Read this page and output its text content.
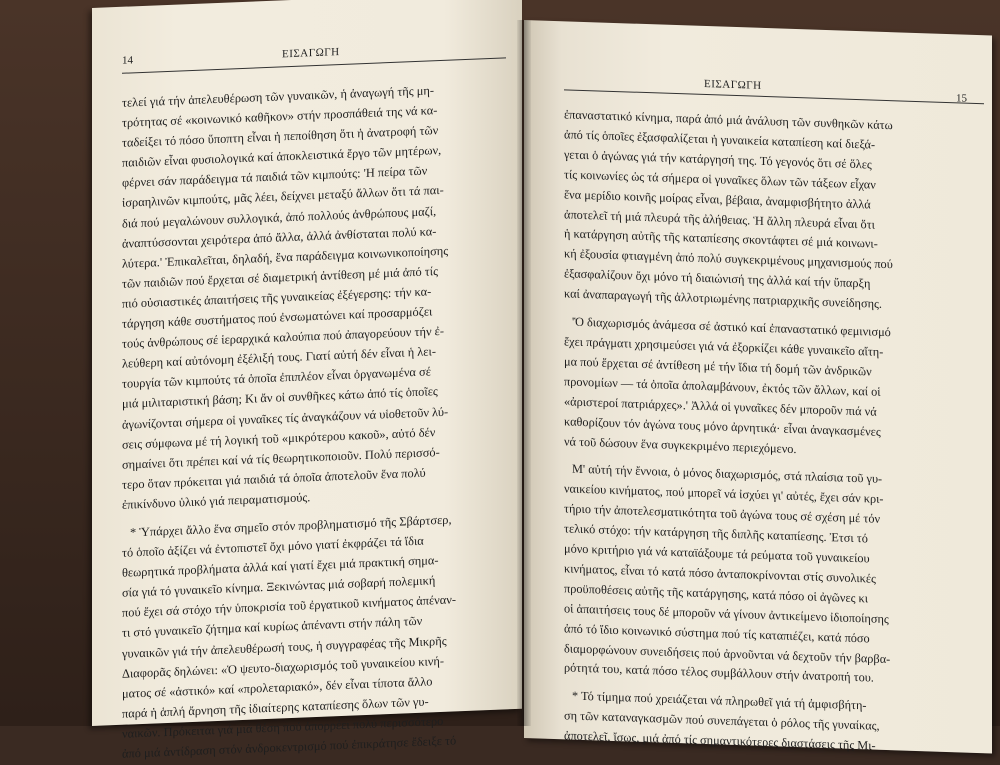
14
ΕΙΣΑΓΩΓΗ
τελεί γιά τήν ἀπελευθέρωση τῶν γυναικῶν, ἡ ἀναγωγή τῆς μη-
τρότητας σέ «κοινωνικό καθῆκον» στήν προσπάθειά της νά κα-
ταδείξει τό πόσο ὕποπτη εἶναι ἡ πεποίθηση ὅτι ἡ ἀνατροφή τῶν
παιδιῶν εἶναι φυσιολογικά καί ἀποκλειστικά ἔργο τῶν μητέρων,
φέρνει σάν παράδειγμα τά παιδιά τῶν κιμπούτς: 'Η πείρα τῶν
ἰσραηλινῶν κιμπούτς, μᾶς λέει, δείχνει μεταξύ ἄλλων ὅτι τά παι-
διά πού μεγαλώνουν συλλογικά, ἀπό πολλούς ἀνθρώπους μαζί,
ἀναπτύσσονται χειρότερα ἀπό ἄλλα, ἀλλά ἀνθίσταται πολύ κα-
λύτερα.' Ἐπικαλεῖται, δηλαδή, ἕνα παράδειγμα κοινωνικοποίησης
τῶν παιδιῶν πού ἔρχεται σέ διαμετρική ἀντίθεση μέ μιά ἀπό τίς
πιό οὐσιαστικές ἀπαιτήσεις τῆς γυναικείας ἐξέγερσης: τήν κα-
τάργηση κάθε συστήματος πού ἐνσωματώνει καί προσαρμόζει
τούς ἀνθρώπους σέ ἱεραρχικά καλούπια πού ἀπαγορεύουν τήν ἐ-
λεύθερη καί αὐτόνομη ἐξέλιξή τους. Γιατί αὐτή δέν εἶναι ἡ λει-
τουργία τῶν κιμπούτς τά ὁποῖα ἐπιπλέον εἶναι ὀργανωμένα σέ
μιά μιλιταριστική βάση; Κι ἄν οἱ συνθῆκες κάτω ἀπό τίς ὁποῖες
ἀγωνίζονται σήμερα οἱ γυναῖκες τίς ἀναγκάζουν νά υἱοθετοῦν λύ-
σεις σύμφωνα μέ τή λογική τοῦ «μικρότερου κακοῦ», αὐτό δέν
σημαίνει ὅτι πρέπει καί νά τίς θεωρητικοποιοῦν. Πολύ περισσό-
τερο ὅταν πρόκειται γιά παιδιά τά ὁποῖα ἀποτελοῦν ἕνα πολύ
ἐπικίνδυνο ὑλικό γιά πειραματισμούς.
* Ὑπάρχει ἄλλο ἕνα σημεῖο στόν προβληματισμό τῆς Σβάρτσερ,
τό ὁποῖο ἀξίζει νά ἐντοπιστεῖ ὄχι μόνο γιατί ἐκφράζει τά ἴδια
θεωρητικά προβλήματα ἀλλά καί γιατί ἔχει μιά πρακτική σημα-
σία γιά τό γυναικεῖο κίνημα. Ξεκινώντας μιά σοβαρή πολεμική
πού ἔχει σά στόχο τήν ὑποκρισία τοῦ ἐργατικοῦ κινήματος ἀπέναν-
τι στό γυναικεῖο ζήτημα καί κυρίως ἀπέναντι στήν πάλη τῶν
γυναικῶν γιά τήν ἀπελευθέρωσή τους, ἡ συγγραφέας τῆς Μικρῆς
Διαφορᾶς δηλώνει: «Ὁ ψευτο-διαχωρισμός τοῦ γυναικείου κινή-
ματος σέ «ἀστικό» καί «προλεταριακό», δέν εἶναι τίποτα ἄλλο
παρά ἡ ἁπλή ἄρνηση τῆς ἰδιαίτερης καταπίεσης ὅλων τῶν γυ-
ναικῶν. Πρόκειται γιά μιά θέση πού ἀπορρέει πολύ περισσότερο
ἀπό μιά ἀντίδραση στόν ἀνδροκεντρισμό πού ἐπικράτησε ἔδειξε τό
ΕΙΣΑΓΩΓΗ
15
ἐπαναστατικό κίνημα, παρά ἀπό μιά ἀνάλυση τῶν συνθηκῶν κάτω
ἀπό τίς ὁποῖες ἐξασφαλίζεται ἡ γυναικεία καταπίεση καί διεξά-
γεται ὁ ἀγώνας γιά τήν κατάργησή της. Τό γεγονός ὅτι σέ ὅλες
τίς κοινωνίες ὡς τά σήμερα οἱ γυναῖκες ὅλων τῶν τάξεων εἶχαν
ἕνα μερίδιο κοινῆς μοίρας εἶναι, βέβαια, ἀναμφισβήτητο ἀλλά
ἀποτελεῖ τή μιά πλευρά τῆς ἀλήθειας. Ἡ ἄλλη πλευρά εἶναι ὅτι
ἡ κατάργηση αὐτῆς τῆς καταπίεσης σκοντάφτει σέ μιά κοινωνι-
κή ἐξουσία φτιαγμένη ἀπό πολύ συγκεκριμένους μηχανισμούς πού
ἐξασφαλίζουν ὄχι μόνο τή διαιώνισή της ἀλλά καί τήν ὕπαρξη
καί ἀναπαραγωγή τῆς ἀλλοτριωμένης πατριαρχικῆς συνείδησης.
'Ὁ διαχωρισμός ἀνάμεσα σέ ἀστικό καί ἐπαναστατικό φεμινισμό
ἔχει πράγματι χρησιμεύσει γιά νά ἐξορκίζει κάθε γυναικεῖο αἴτη-
μα πού ἔρχεται σέ ἀντίθεση μέ τήν ἴδια τή δομή τῶν ἀνδρικῶν
προνομίων — τά ὁποῖα ἀπολαμβάνουν, ἐκτός τῶν ἄλλων, καί οἱ
«ἀριστεροί πατριάρχες».' Ἀλλά οἱ γυναῖκες δέν μποροῦν πιά νά
καθορίζουν τόν ἀγώνα τους μόνο ἀρνητικά· εἶναι ἀναγκασμένες
νά τοῦ δώσουν ἕνα συγκεκριμένο περιεχόμενο.
Μ' αὐτή τήν ἔννοια, ὁ μόνος διαχωρισμός, στά πλαίσια τοῦ γυ-
ναικείου κινήματος, πού μπορεῖ νά ἰσχύει γι' αὐτές, ἔχει σάν κρι-
τήριο τήν ἀποτελεσματικότητα τοῦ ἀγώνα τους σέ σχέση μέ τόν
τελικό στόχο: τήν κατάργηση τῆς διπλῆς καταπίεσης. Ἐτσι τό
μόνο κριτήριο γιά νά καταϊάξουμε τά ρεύματα τοῦ γυναικείου
κινήματος, εἶναι τό κατά πόσο ἀνταποκρίνονται στίς συνολικές
προϋποθέσεις αὐτῆς τῆς κατάργησης, κατά πόσο οἱ ἀγῶνες κι
οἱ ἀπαιτήσεις τους δέ μποροῦν νά γίνουν ἀντικείμενο ἰδιοποίησης
ἀπό τό ἴδιο κοινωνικό σύστημα πού τίς καταπιέζει, κατά πόσο
διαμορφώνουν συνειδήσεις πού ἀρνοῦνται νά δεχτοῦν τήν βαρβα-
ρότητά του, κατά πόσο τέλος συμβάλλουν στήν ἀνατροπή του.
* Τό τίμημα πού χρειάζεται νά πληρωθεῖ γιά τή ἀμφισβήτη-
ση τῶν καταναγκασμῶν πού συνεπάγεται ὁ ρόλος τῆς γυναίκας,
ἀποτελεῖ, ἴσως, μιά ἀπό τίς σημαντικότερες διαστάσεις τῆς Μι-
